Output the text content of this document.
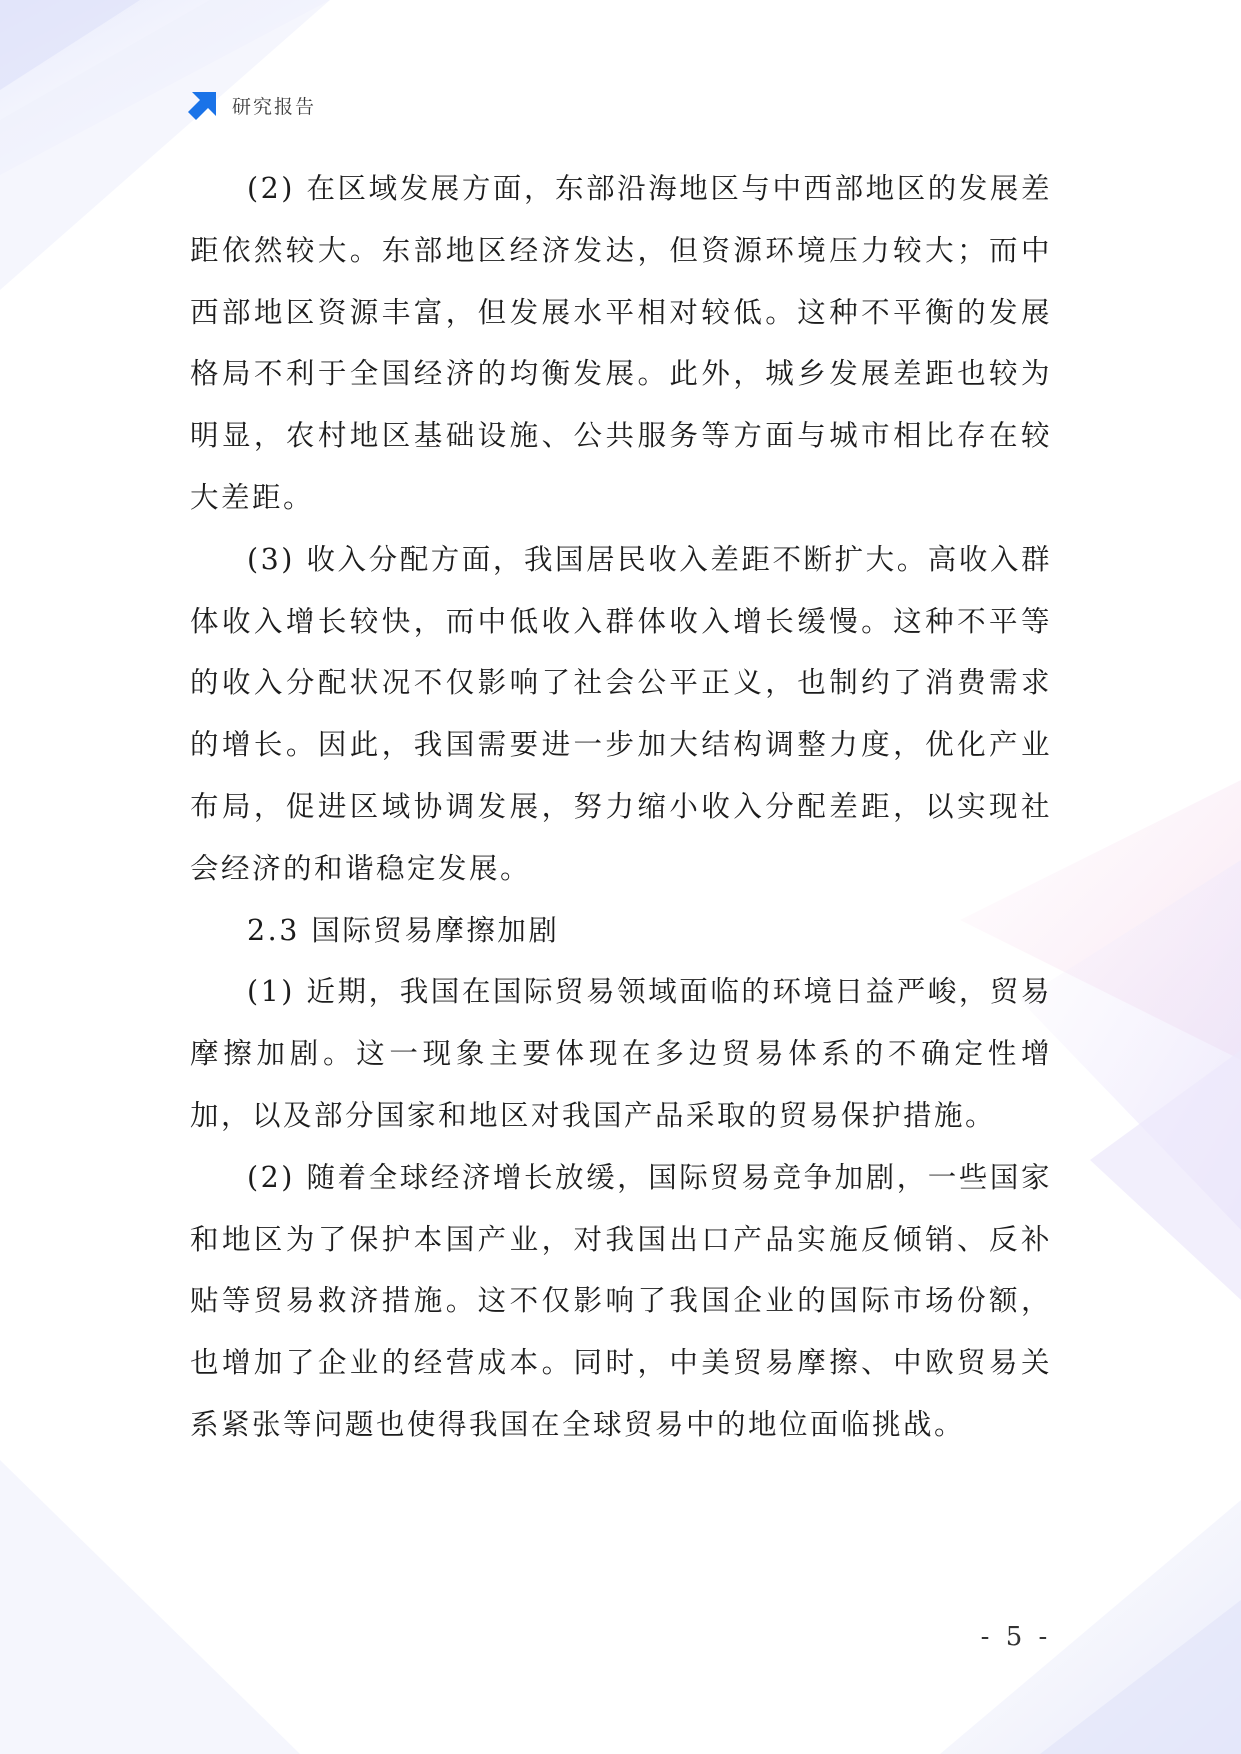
研究报告

(2) 在区域发展方面，东部沿海地区与中西部地区的发展差距依然较大。东部地区经济发达，但资源环境压力较大；而中西部地区资源丰富，但发展水平相对较低。这种不平衡的发展格局不利于全国经济的均衡发展。此外，城乡发展差距也较为明显，农村地区基础设施、公共服务等方面与城市相比存在较大差距。

(3) 收入分配方面，我国居民收入差距不断扩大。高收入群体收入增长较快，而中低收入群体收入增长缓慢。这种不平等的收入分配状况不仅影响了社会公平正义，也制约了消费需求的增长。因此，我国需要进一步加大结构调整力度，优化产业布局，促进区域协调发展，努力缩小收入分配差距，以实现社会经济的和谐稳定发展。

2.3 国际贸易摩擦加剧

(1) 近期，我国在国际贸易领域面临的环境日益严峻，贸易摩擦加剧。这一现象主要体现在多边贸易体系的不确定性增加，以及部分国家和地区对我国产品采取的贸易保护措施。

(2) 随着全球经济增长放缓，国际贸易竞争加剧，一些国家和地区为了保护本国产业，对我国出口产品实施反倾销、反补贴等贸易救济措施。这不仅影响了我国企业的国际市场份额，也增加了企业的经营成本。同时，中美贸易摩擦、中欧贸易关系紧张等问题也使得我国在全球贸易中的地位面临挑战。

- 5 -
